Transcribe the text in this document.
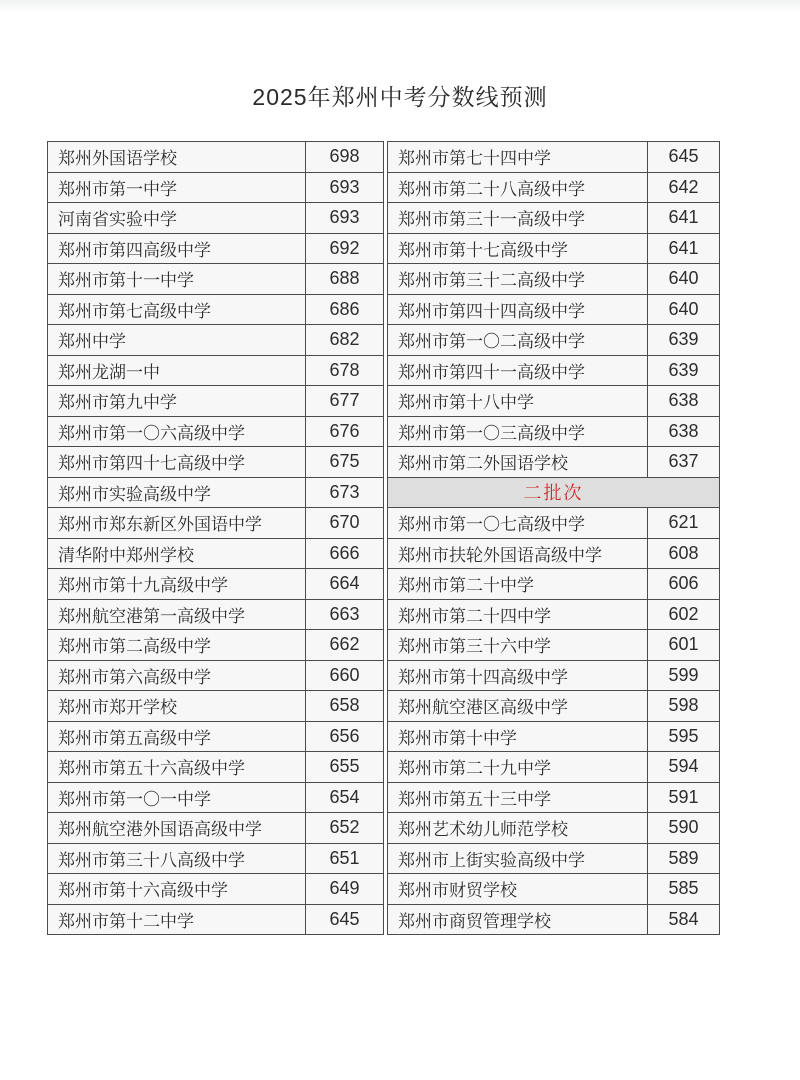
2025年郑州中考分数线预测
郑州外国语学校	698
郑州市第一中学	693
河南省实验中学	693
郑州市第四高级中学	692
郑州市第十一中学	688
郑州市第七高级中学	686
郑州中学	682
郑州龙湖一中	678
郑州市第九中学	677
郑州市第一〇六高级中学	676
郑州市第四十七高级中学	675
郑州市实验高级中学	673
郑州市郑东新区外国语中学	670
清华附中郑州学校	666
郑州市第十九高级中学	664
郑州航空港第一高级中学	663
郑州市第二高级中学	662
郑州市第六高级中学	660
郑州市郑开学校	658
郑州市第五高级中学	656
郑州市第五十六高级中学	655
郑州市第一〇一中学	654
郑州航空港外国语高级中学	652
郑州市第三十八高级中学	651
郑州市第十六高级中学	649
郑州市第十二中学	645
郑州市第七十四中学	645
郑州市第二十八高级中学	642
郑州市第三十一高级中学	641
郑州市第十七高级中学	641
郑州市第三十二高级中学	640
郑州市第四十四高级中学	640
郑州市第一〇二高级中学	639
郑州市第四十一高级中学	639
郑州市第十八中学	638
郑州市第一〇三高级中学	638
郑州市第二外国语学校	637
二批次	
郑州市第一〇七高级中学	621
郑州市扶轮外国语高级中学	608
郑州市第二十中学	606
郑州市第二十四中学	602
郑州市第三十六中学	601
郑州市第十四高级中学	599
郑州航空港区高级中学	598
郑州市第十中学	595
郑州市第二十九中学	594
郑州市第五十三中学	591
郑州艺术幼儿师范学校	590
郑州市上街实验高级中学	589
郑州市财贸学校	585
郑州市商贸管理学校	584
